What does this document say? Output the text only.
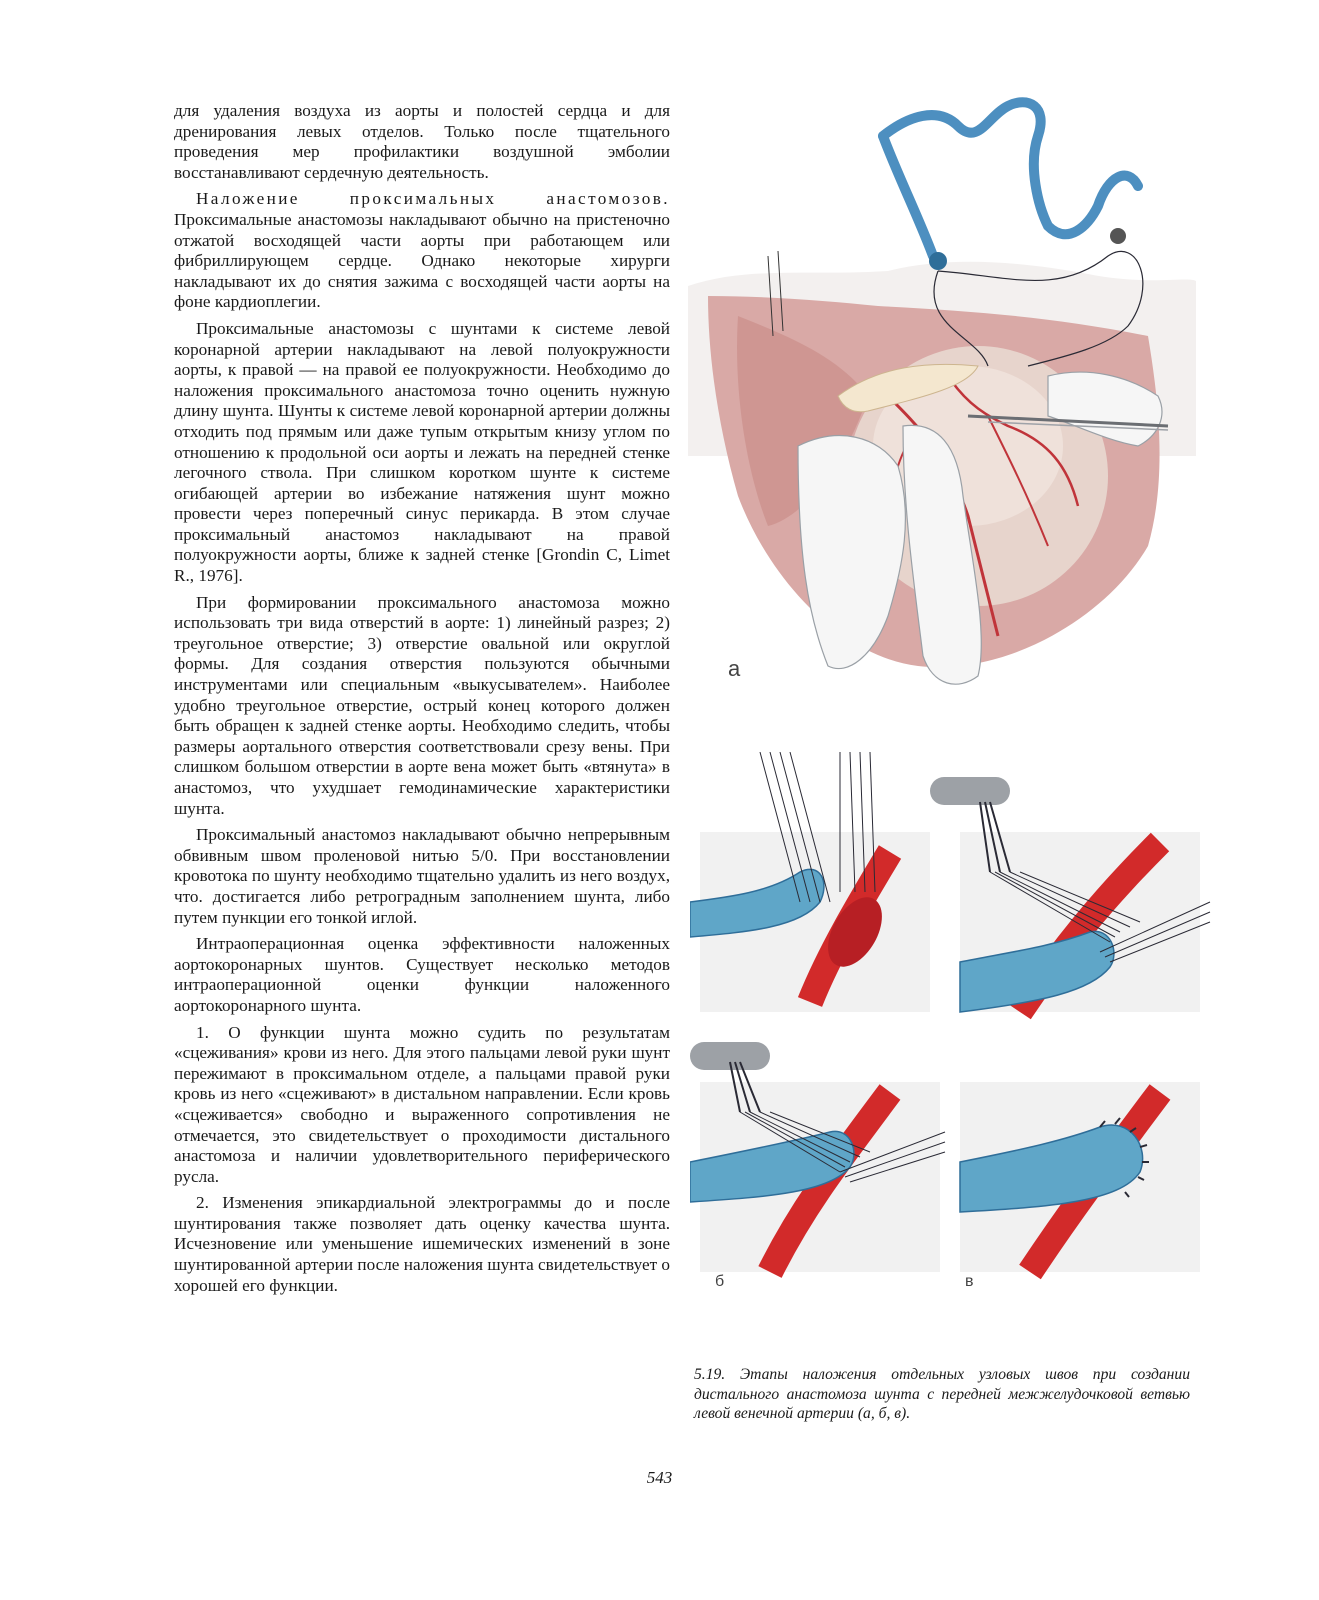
для удаления воздуха из аорты и полостей сердца и для дренирования левых отделов. Только после тщательного проведения мер профилактики воздушной эмболии восстанавливают сердечную деятельность.

Наложение проксимальных анастомозов. Проксимальные анастомозы накладывают обычно на пристеночно отжатой восходящей части аорты при работающем или фибриллирующем сердце. Однако некоторые хирурги накладывают их до снятия зажима с восходящей части аорты на фоне кардиоплегии.

Проксимальные анастомозы с шунтами к системе левой коронарной артерии накладывают на левой полуокружности аорты, к правой — на правой ее полуокружности. Необходимо до наложения проксимального анастомоза точно оценить нужную длину шунта. Шунты к системе левой коронарной артерии должны отходить под прямым или даже тупым открытым книзу углом по отношению к продольной оси аорты и лежать на передней стенке легочного ствола. При слишком коротком шунте к системе огибающей артерии во избежание натяжения шунт можно провести через поперечный синус перикарда. В этом случае проксимальный анастомоз накладывают на правой полуокружности аорты, ближе к задней стенке [Grondin C, Limet R., 1976].

При формировании проксимального анастомоза можно использовать три вида отверстий в аорте: 1) линейный разрез; 2) треугольное отверстие; 3) отверстие овальной или округлой формы. Для создания отверстия пользуются обычными инструментами или специальным «выкусывателем». Наиболее удобно треугольное отверстие, острый конец которого должен быть обращен к задней стенке аорты. Необходимо следить, чтобы размеры аортального отверстия соответствовали срезу вены. При слишком большом отверстии в аорте вена может быть «втянута» в анастомоз, что ухудшает гемодинамические характеристики шунта.

Проксимальный анастомоз накладывают обычно непрерывным обвивным швом проленовой нитью 5/0. При восстановлении кровотока по шунту необходимо тщательно удалить из него воздух, что. достигается либо ретроградным заполнением шунта, либо путем пункции его тонкой иглой.

Интраоперационная оценка эффективности наложенных аортокоронарных шунтов. Существует несколько методов интраоперационной оценки функции наложенного аортокоронарного шунта.

1. О функции шунта можно судить по результатам «сцеживания» крови из него. Для этого пальцами левой руки шунт пережимают в проксимальном отделе, а пальцами правой руки кровь из него «сцеживают» в дистальном направлении. Если кровь «сцеживается» свободно и выраженного сопротивления не отмечается, это свидетельствует о проходимости дистального анастомоза и наличии удовлетворительного периферического русла.

2. Изменения эпикардиальной электрограммы до и после шунтирования также позволяет дать оценку качества шунта. Исчезновение или уменьшение ишемических изменений в зоне шунтированной артерии после наложения шунта свидетельствует о хорошей его функции.

а
б	в
5.19. Этапы наложения отдельных узловых швов при создании дистального анастомоза шунта с передней межжелудочковой ветвью левой венечной артерии (а, б, в).
543
